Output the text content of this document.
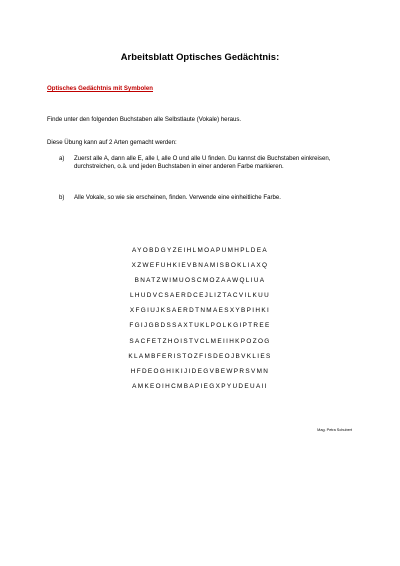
Arbeitsblatt Optisches Gedächtnis:
Optisches Gedächtnis mit Symbolen
Finde unter den folgenden Buchstaben alle Selbstlaute (Vokale) heraus.
Diese Übung kann auf 2 Arten gemacht werden:
a) Zuerst alle A, dann alle E, alle I, alle O und alle U finden. Du kannst die Buchstaben einkreisen, durchstreichen, o.ä. und jeden Buchstaben in einer anderen Farbe markieren.
b) Alle Vokale, so wie sie erscheinen, finden. Verwende eine einheitliche Farbe.
AYOBDGYZEIHLMOAPUMHPLDEA
XZWEFUHKIEVBNAMISBOKLIAXQ
BNATZWIMUOSCMOZAAWQLIUA
LHUDVCSAERDCEJLIZTACVILKUU
XFGIUJKSAERDTNMAESXYBPIHKI
FGIJGBDSSAXTUKLPOLKGIPTREE
SACFETZHOISTVCLMEIIHKPOZOG
KLAMBFERISTOZFISDEOJBVKLIES
HFDEOGHIKIJIDEGVBEWPRSVMN
AMKEOIHCMBAPIEGXPYUDEUAII
Mag. Petra Schubert
